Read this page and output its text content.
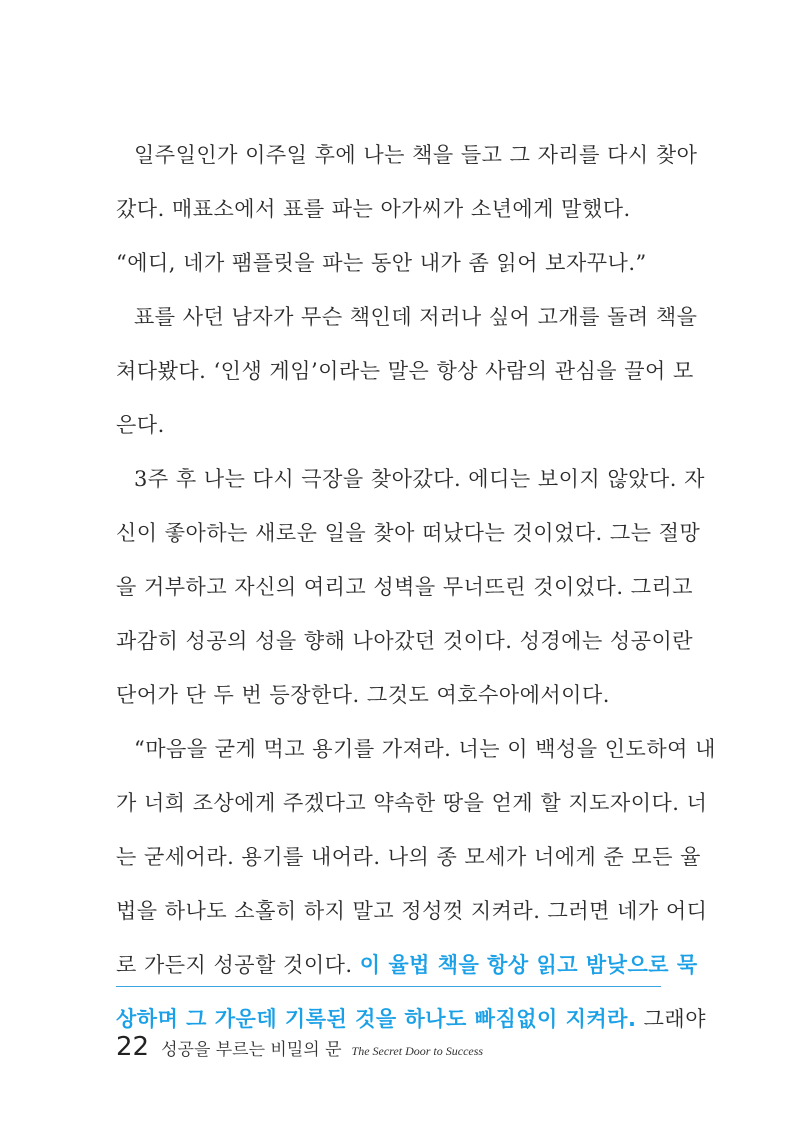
일주일인가 이주일 후에 나는 책을 들고 그 자리를 다시 찾아
갔다. 매표소에서 표를 파는 아가씨가 소년에게 말했다.
“에디, 네가 팸플릿을 파는 동안 내가 좀 읽어 보자꾸나.”
표를 사던 남자가 무슨 책인데 저러나 싶어 고개를 돌려 책을
쳐다봤다. ‘인생 게임’이라는 말은 항상 사람의 관심을 끌어 모
은다.
3주 후 나는 다시 극장을 찾아갔다. 에디는 보이지 않았다. 자
신이 좋아하는 새로운 일을 찾아 떠났다는 것이었다. 그는 절망
을 거부하고 자신의 여리고 성벽을 무너뜨린 것이었다. 그리고
과감히 성공의 성을 향해 나아갔던 것이다. 성경에는 성공이란
단어가 단 두 번 등장한다. 그것도 여호수아에서이다.
“마음을 굳게 먹고 용기를 가져라. 너는 이 백성을 인도하여 내
가 너희 조상에게 주겠다고 약속한 땅을 얻게 할 지도자이다. 너
는 굳세어라. 용기를 내어라. 나의 종 모세가 너에게 준 모든 율
법을 하나도 소홀히 하지 말고 정성껏 지켜라. 그러면 네가 어디
로 가든지 성공할 것이다. 이 율법 책을 항상 읽고 밤낮으로 묵
상하며 그 가운데 기록된 것을 하나도 빠짐없이 지켜라. 그래야
22 성공을 부르는 비밀의 문 The Secret Door to Success
